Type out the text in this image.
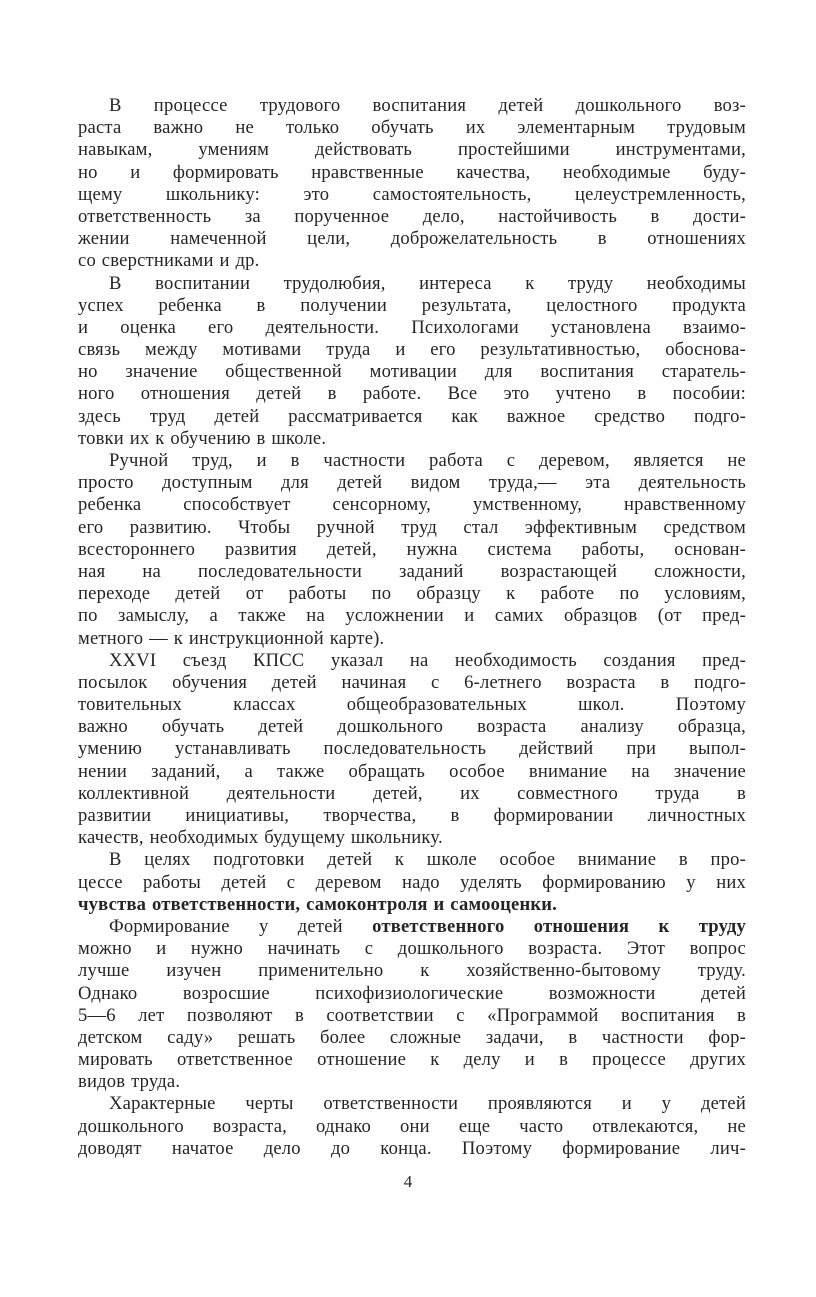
В процессе трудового воспитания детей дошкольного воз-
раста важно не только обучать их элементарным трудовым
навыкам, умениям действовать простейшими инструментами,
но и формировать нравственные качества, необходимые буду-
щему школьнику: это самостоятельность, целеустремленность,
ответственность за порученное дело, настойчивость в дости-
жении намеченной цели, доброжелательность в отношениях
со сверстниками и др.
В воспитании трудолюбия, интереса к труду необходимы
успех ребенка в получении результата, целостного продукта
и оценка его деятельности. Психологами установлена взаимо-
связь между мотивами труда и его результативностью, обоснова-
но значение общественной мотивации для воспитания старатель-
ного отношения детей в работе. Все это учтено в пособии:
здесь труд детей рассматривается как важное средство подго-
товки их к обучению в школе.
Ручной труд, и в частности работа с деревом, является не
просто доступным для детей видом труда,— эта деятельность
ребенка способствует сенсорному, умственному, нравственному
его развитию. Чтобы ручной труд стал эффективным средством
всестороннего развития детей, нужна система работы, основан-
ная на последовательности заданий возрастающей сложности,
переходе детей от работы по образцу к работе по условиям,
по замыслу, а также на усложнении и самих образцов (от пред-
метного — к инструкционной карте).
XXVI съезд КПСС указал на необходимость создания пред-
посылок обучения детей начиная с 6-летнего возраста в подго-
товительных классах общеобразовательных школ. Поэтому
важно обучать детей дошкольного возраста анализу образца,
умению устанавливать последовательность действий при выпол-
нении заданий, а также обращать особое внимание на значение
коллективной деятельности детей, их совместного труда в
развитии инициативы, творчества, в формировании личностных
качеств, необходимых будущему школьнику.
В целях подготовки детей к школе особое внимание в про-
цессе работы детей с деревом надо уделять формированию у них
чувства ответственности, самоконтроля и самооценки.
Формирование у детей ответственного отношения к труду
можно и нужно начинать с дошкольного возраста. Этот вопрос
лучше изучен применительно к хозяйственно-бытовому труду.
Однако возросшие психофизиологические возможности детей
5—6 лет позволяют в соответствии с «Программой воспитания в
детском саду» решать более сложные задачи, в частности фор-
мировать ответственное отношение к делу и в процессе других
видов труда.
Характерные черты ответственности проявляются и у детей
дошкольного возраста, однако они еще часто отвлекаются, не
доводят начатое дело до конца. Поэтому формирование лич-
4
